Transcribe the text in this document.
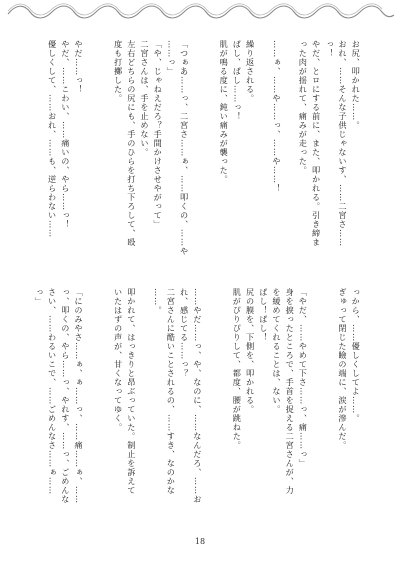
お尻、叩かれた……。
おれ、……そんな子供じゃないす、……二宮さ……
っ！
やだ、とロにする前に、また、叩かれる。引き締ま
った肉が揺れて、痛みが走った。
……ぁ、……や……っ、……や……！
繰り返される。
ぱし、ぱし……っ！
肌が鳴る度に、鈍い痛みが襲った。
「つぁあ……っ、二宮さ……ぁ、……叩くの、……や
……っ」
「や、じゃねえだろ？手間かけさせやがって」
二宮さんは、手を止めない。
左右どちらの尻にも、手のひらを打ち下ろして、殴
度も打擲した。
やだ……っ！
やだ、……こわい、……痛いの、やら……っ！
優しくして、……おれ、……も、逆らわない……
っから、……優しくしてよ……。
ぎゅって閉じた瞼の端に、涙が滲んだ。
「やだ、……やめて下さ……っ、痛……っ」
身を捩ったところで、手首を捉える二宮さんが、力
を緩めてくれることは、ない。
ぱし！ぱし！
尻の膜を、下側を、叩かれる。
肌がぴりぴりして、都度、腰が跳ねた。
……やだ……っ、や、なのに、……なんだろ、……お
れ、感じてる……っ？
二宮さんに酷いことされるの、……すき、なのかな
……。
叩かれて、はっきりと昂ぶっていた。制止を訴えて
いたはずの声が、甘くなってゆく。
「にのみやさ……ぁ、ぁ……っ、……痛……ぁ、……
っ、叩くの、やら……っ、やれす、……っ、ごめんな
さい、……わるいこで、……ごめんなさ……ぁ……
っ」
18
